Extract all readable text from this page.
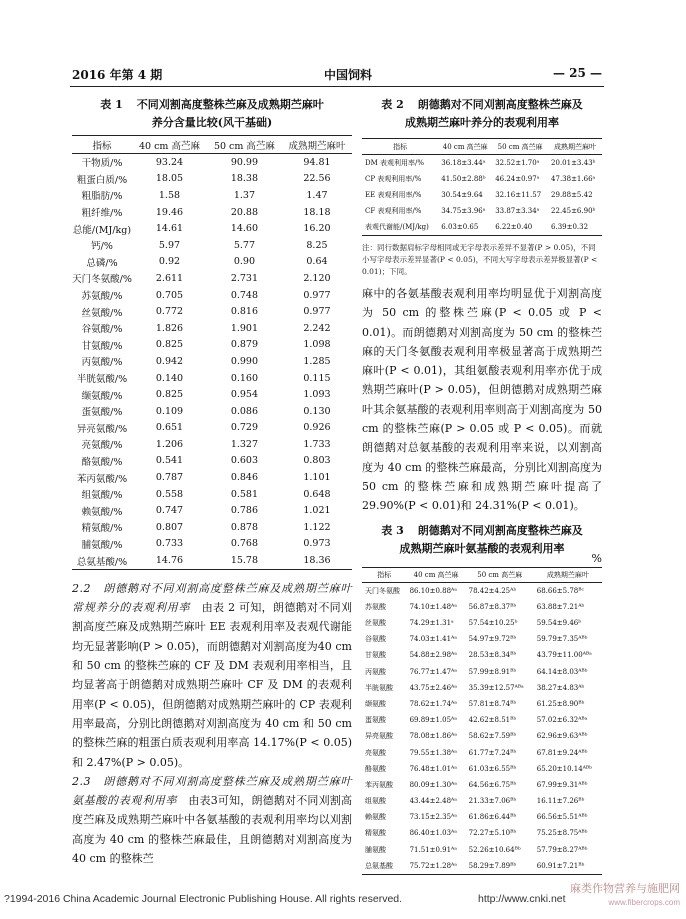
2016 年第 4 期	中国饲料	— 25 —
表 1 不同刈割高度整株苎麻及成熟期苎麻叶
养分含量比较(风干基础)
指标	40 cm 高苎麻	50 cm 高苎麻	成熟期苎麻叶
干物质/%	93.24	90.99	94.81
粗蛋白质/%	18.05	18.38	22.56
粗脂肪/%	1.58	1.37	1.47
粗纤维/%	19.46	20.88	18.18
总能/(MJ/kg)	14.61	14.60	16.20
钙/%	5.97	5.77	8.25
总磷/%	0.92	0.90	0.64
天门冬氨酸/%	2.611	2.731	2.120
苏氨酸/%	0.705	0.748	0.977
丝氨酸/%	0.772	0.816	0.977
谷氨酸/%	1.826	1.901	2.242
甘氨酸/%	0.825	0.879	1.098
丙氨酸/%	0.942	0.990	1.285
半胱氨酸/%	0.140	0.160	0.115
缬氨酸/%	0.825	0.954	1.093
蛋氨酸/%	0.109	0.086	0.130
异亮氨酸/%	0.651	0.729	0.926
亮氨酸/%	1.206	1.327	1.733
酪氨酸/%	0.541	0.603	0.803
苯丙氨酸/%	0.787	0.846	1.101
组氨酸/%	0.558	0.581	0.648
赖氨酸/%	0.747	0.786	1.021
精氨酸/%	0.807	0.878	1.122
脯氨酸/%	0.733	0.768	0.973
总氨基酸/%	14.76	15.78	18.36

2.2　朗德鹅对不同刈割高度整株苎麻及成熟期苎麻叶常规养分的表观利用率　 由表 2 可知，朗德鹅对不同刈割高度苎麻及成熟期苎麻叶 EE 表观利用率及表观代谢能均无显著影响(P > 0.05)，而朗德鹅对刈割高度为40 cm 和 50 cm 的整株苎麻的 CF 及 DM 表观利用率相当，且均显著高于朗德鹅对成熟期苎麻叶 CF 及 DM 的表观利用率(P < 0.05)，但朗德鹅对成熟期苎麻叶的 CP 表观利用率最高，分别比朗德鹅对刈割高度为 40 cm 和 50 cm 的整株苎麻的粗蛋白质表观利用率高 14.17%(P < 0.05)和 2.47%(P > 0.05)。

2.3　朗德鹅对不同刈割高度整株苎麻及成熟期苎麻叶氨基酸的表观利用率　 由表3可知，朗德鹅对不同刈割高度苎麻及成熟期苎麻叶中各氨基酸的表观利用率均以刈割高度为 40 cm 的整株苎麻最佳，且朗德鹅对刈割高度为 40 cm 的整株苎

表 2 朗德鹅对不同刈割高度整株苎麻及
成熟期苎麻叶养分的表观利用率
指标	40 cm 高苎麻	50 cm 高苎麻	成熟期苎麻叶
DM 表观利用率/%	36.18±3.44ᵃ	32.52±1.70ᵃ	20.01±3.43ᵇ
CP 表观利用率/%	41.50±2.88ᵇ	46.24±0.97ᵃ	47.38±1.66ᵃ
EE 表观利用率/%	30.54±9.64	32.16±11.57	29.88±5.42
CF 表观利用率/%	34.75±3.96ᵃ	33.87±3.34ᵃ	22.45±6.90ᵇ
表观代谢能/(MJ/kg)	6.03±0.65	6.22±0.40	6.39±0.32
注：同行数据肩标字母相同或无字母表示差异不显著(P > 0.05)，不同小写字母表示差异显著(P < 0.05)，不同大写字母表示差异极显著(P < 0.01)；下同。

麻中的各氨基酸表观利用率均明显优于刈割高度为 50 cm 的整株苎麻(P < 0.05 或 P < 0.01)。而朗德鹅对刈割高度为 50 cm 的整株苎麻的天门冬氨酸表观利用率极显著高于成熟期苎麻叶(P < 0.01)，其组氨酸表观利用率亦优于成熟期苎麻叶(P > 0.05)，但朗德鹅对成熟期苎麻叶其余氨基酸的表观利用率则高于刈割高度为 50 cm 的整株苎麻(P > 0.05 或 P < 0.05)。而就朗德鹅对总氨基酸的表观利用率来说，以刈割高度为 40 cm 的整株苎麻最高，分别比刈割高度为 50 cm 的整株苎麻和成熟期苎麻叶提高了 29.90%(P < 0.01)和 24.31%(P < 0.01)。

表 3 朗德鹅对不同刈割高度整株苎麻及
成熟期苎麻叶氨基酸的表观利用率
%
指标	40 cm 高苎麻	50 cm 高苎麻	成熟期苎麻叶
天门冬氨酸	86.10±0.88ᴬᵃ	78.42±4.25ᴬᵇ	68.66±5.78ᴮᶜ
苏氨酸	74.10±1.48ᴬᵃ	56.87±8.37ᴮᵇ	63.88±7.21ᴬᵇ
丝氨酸	74.29±1.31ᵃ	57.54±10.25ᵇ	59.54±9.46ᵇ
谷氨酸	74.03±1.41ᴬᵃ	54.97±9.72ᴮᵇ	59.79±7.35ᴬᴮᵇ
甘氨酸	54.88±2.98ᴬᵃ	28.53±8.34ᴮᵇ	43.79±11.00ᴬᴮᵃ
丙氨酸	76.77±1.47ᴬᵃ	57.99±8.91ᴮᵇ	64.14±8.03ᴬᴮᵇ
半胱氨酸	43.75±2.46ᴬᵃ	35.39±12.57ᴬᴮᵃ	38.27±4.83ᴬᵇ
缬氨酸	78.62±1.74ᴬᵃ	57.81±8.74ᴮᵇ	61.25±8.90ᴮᵇ
蛋氨酸	69.89±1.05ᴬᵃ	42.62±8.51ᴮᵇ	57.02±6.32ᴬᴮᵃ
异亮氨酸	78.08±1.86ᴬᵃ	58.62±7.59ᴮᵇ	62.96±9.63ᴬᴮᵇ
亮氨酸	79.55±1.38ᴬᵃ	61.77±7.24ᴮᵇ	67.81±9.24ᴬᴮᵇ
酪氨酸	76.48±1.01ᴬᵃ	61.03±6.55ᴮᵇ	65.20±10.14ᴬᴮᵇ
苯丙氨酸	80.09±1.30ᴬᵃ	64.56±6.75ᴮᵇ	67.99±9.31ᴬᴮᵇ
组氨酸	43.44±2.48ᴬᵃ	21.33±7.06ᴮᵇ	16.11±7.26ᴮᵇ
赖氨酸	73.15±2.35ᴬᵃ	61.86±6.44ᴮᵇ	66.56±5.51ᴬᴮᵇ
精氨酸	86.40±1.03ᴬᵃ	72.27±5.10ᴮᵇ	75.25±8.75ᴬᴮᵇ
脯氨酸	71.51±0.91ᴬᵃ	52.26±10.64ᴮᵇ	57.79±8.27ᴬᴮᵇ
总氨基酸	75.72±1.28ᴬᵃ	58.29±7.89ᴮᵇ	60.91±7.21ᴮᵇ
?1994-2016 China Academic Journal Electronic Publishing House. All rights reserved.	http://www.cnki.net
麻类作物营养与施肥网
www.fibercrops.com
